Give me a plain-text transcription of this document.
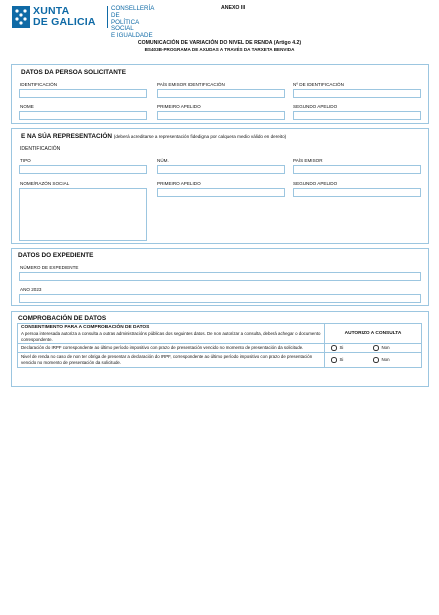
XUNTA
DE GALICIA
CONSELLERÍA DE
POLÍTICA SOCIAL
E IGUALDADE
ANEXO III
COMUNICACIÓN DE VARIACIÓN DO NIVEL DE RENDA (Artigo 4.2)
BS403B-PROGRAMA DE AXUDAS A TRAVÉS DA TARXETA BENVIDA
DATOS DA PERSOA SOLICITANTE
IDENTIFICACIÓN	PAÍS EMISOR IDENTIFICACIÓN	Nº DE IDENTIFICACIÓN
NOME	PRIMEIRO APELIDO	SEGUNDO APELIDO
E NA SÚA REPRESENTACIÓN (deberá acreditarse a representación fidedigna por calquera medio válido en dereito)
IDENTIFICACIÓN
TIPO	NÚM.	PAÍS EMISOR
NOME/RAZÓN SOCIAL	PRIMEIRO APELIDO	SEGUNDO APELIDO
DATOS DO EXPEDIENTE
NÚMERO DE EXPEDIENTE
ANO 2023
COMPROBACIÓN DE DATOS
CONSENTIMENTO PARA A COMPROBACIÓN DE DATOS
A persoa interesada autoriza a consulta a outras administracións públicas dos seguintes datos. De non autorizar a consulta, deberá achegar o documento correspondente.	AUTORIZO A CONSULTA
Declaración do IRPF correspondente ao último período impositivo con prazo de presentación vencido no momento de presentación da solicitude.	Si Non
Nivel de renda no caso de non ter obriga de presentar a declaración do IRPF, correspondente ao último período impositivo con prazo de presentación vencido no momento de presentación da solicitude.	Si Non
